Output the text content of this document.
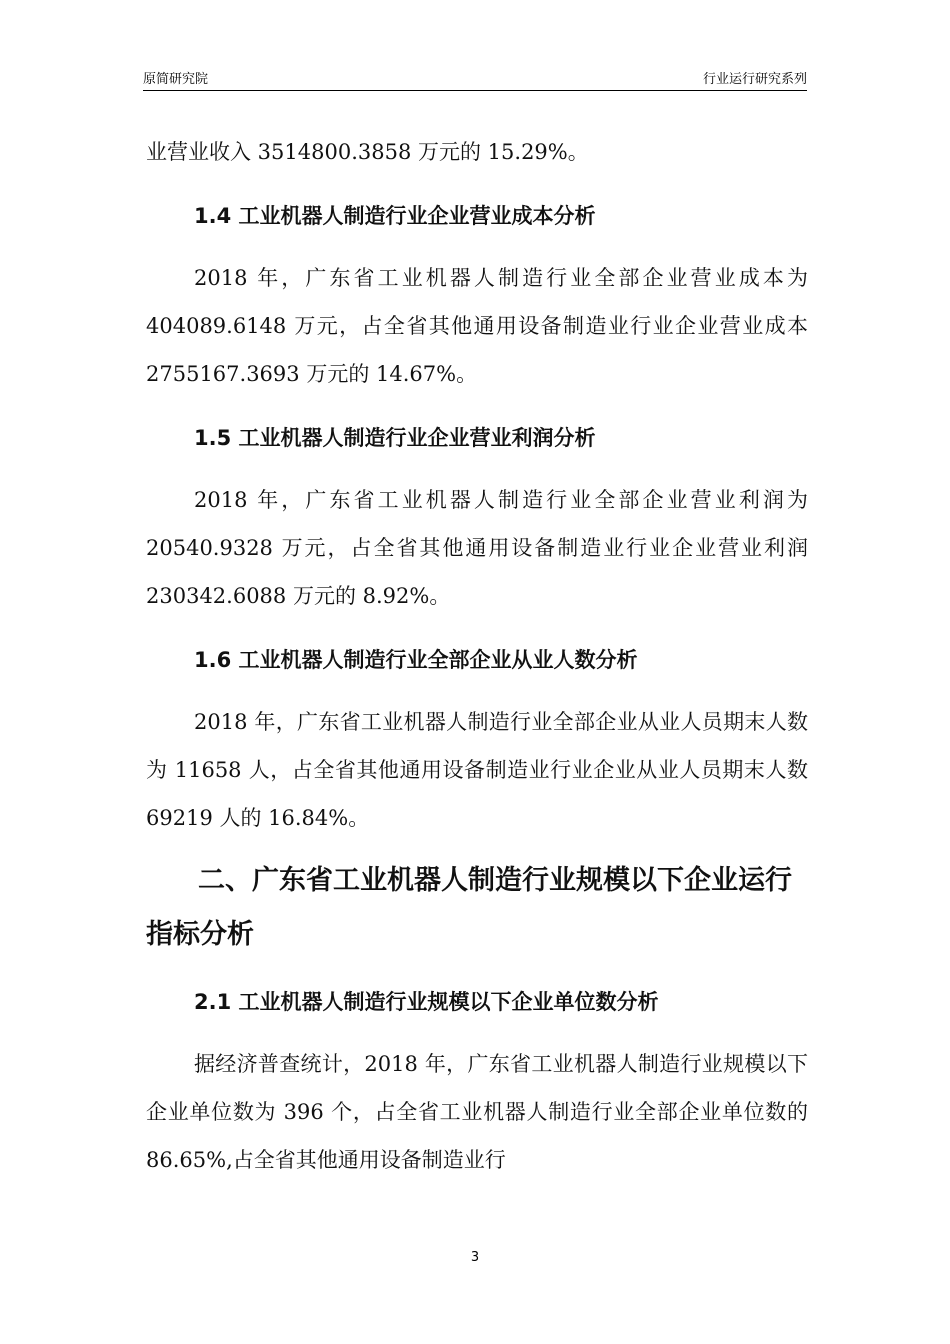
原简研究院	行业运行研究系列

业营业收入 3514800.3858 万元的 15.29%。

1.4 工业机器人制造行业企业营业成本分析

2018 年，广东省工业机器人制造行业全部企业营业成本为 404089.6148 万元，占全省其他通用设备制造业行业企业营业成本 2755167.3693 万元的 14.67%。

1.5 工业机器人制造行业企业营业利润分析

2018 年，广东省工业机器人制造行业全部企业营业利润为 20540.9328 万元，占全省其他通用设备制造业行业企业营业利润 230342.6088 万元的 8.92%。

1.6 工业机器人制造行业全部企业从业人数分析

2018 年，广东省工业机器人制造行业全部企业从业人员期末人数为 11658 人，占全省其他通用设备制造业行业企业从业人员期末人数 69219 人的 16.84%。

二、广东省工业机器人制造行业规模以下企业运行指标分析
2.1 工业机器人制造行业规模以下企业单位数分析

据经济普查统计，2018 年，广东省工业机器人制造行业规模以下企业单位数为 396 个，占全省工业机器人制造行业全部企业单位数的 86.65%,占全省其他通用设备制造业行

3
